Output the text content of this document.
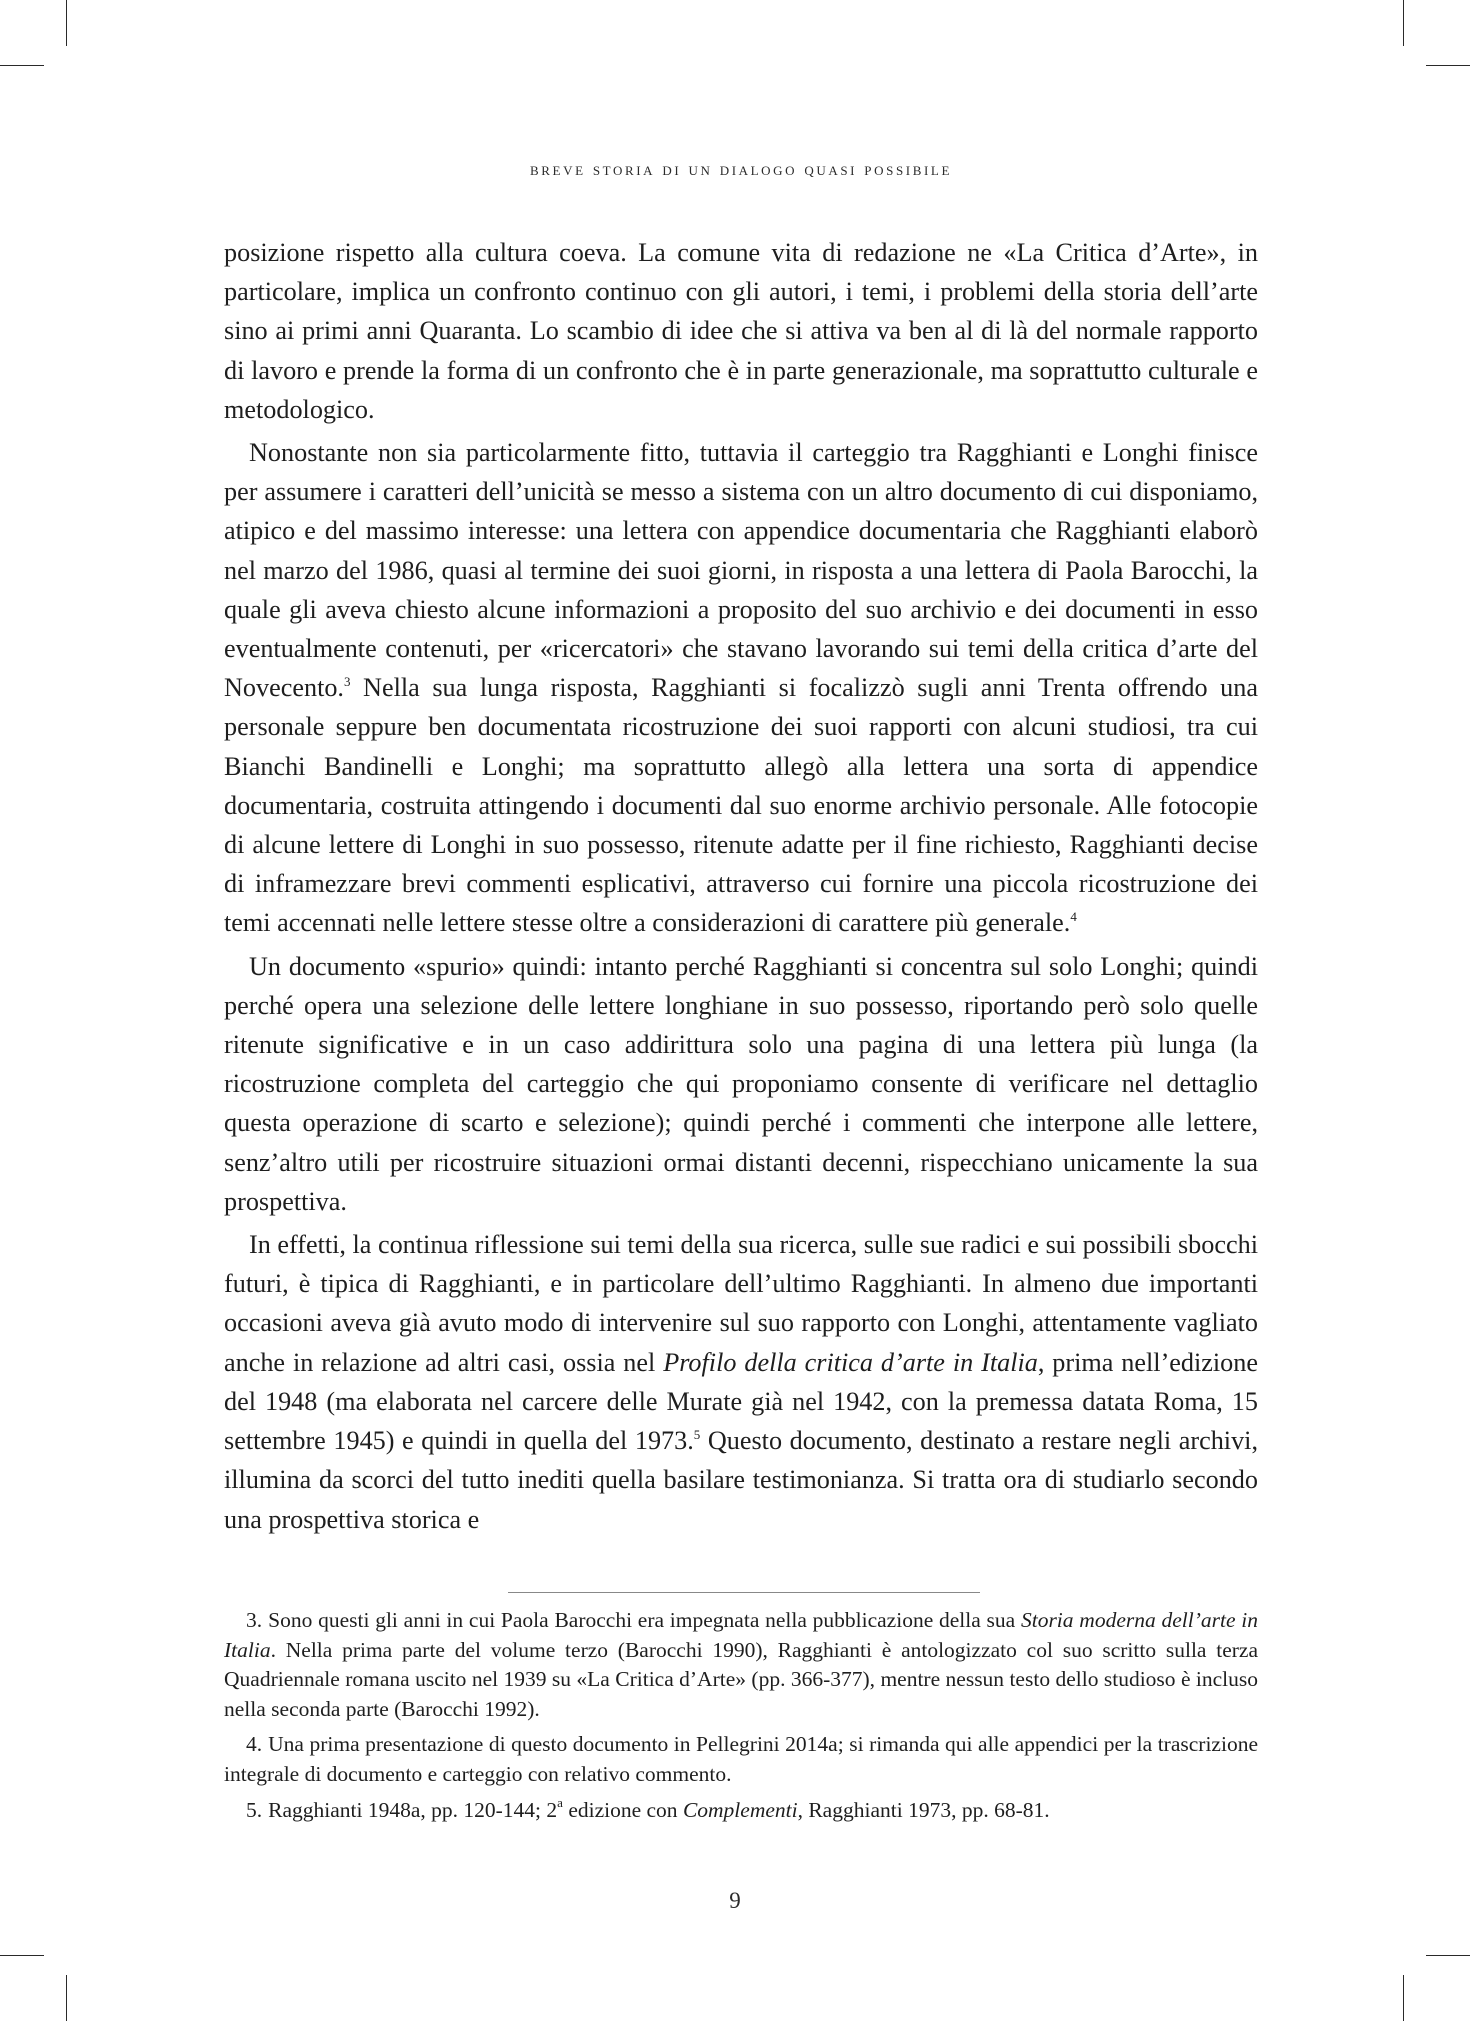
breve storia di un dialogo quasi possibile

posizione rispetto alla cultura coeva. La comune vita di redazione ne «La Critica d’Arte», in particolare, implica un confronto continuo con gli autori, i temi, i problemi della storia dell’arte sino ai primi anni Quaranta. Lo scambio di idee che si attiva va ben al di là del normale rapporto di lavoro e prende la forma di un confronto che è in parte generazionale, ma soprattutto culturale e metodologico.

Nonostante non sia particolarmente fitto, tuttavia il carteggio tra Ragghianti e Longhi finisce per assumere i caratteri dell’unicità se messo a sistema con un altro documento di cui disponiamo, atipico e del massimo interesse: una lettera con appendice documentaria che Ragghianti elaborò nel marzo del 1986, quasi al termine dei suoi giorni, in risposta a una lettera di Paola Barocchi, la quale gli aveva chiesto alcune informazioni a proposito del suo archivio e dei documenti in esso eventualmente contenuti, per «ricercatori» che stavano lavorando sui temi della critica d’arte del Novecento.$^3$ Nella sua lunga risposta, Ragghianti si focalizzò sugli anni Trenta offrendo una personale seppure ben documentata ricostruzione dei suoi rapporti con alcuni studiosi, tra cui Bianchi Bandinelli e Longhi; ma soprattutto allegò alla lettera una sorta di appendice documentaria, costruita attingendo i documenti dal suo enorme archivio personale. Alle fotocopie di alcune lettere di Longhi in suo possesso, ritenute adatte per il fine richiesto, Ragghianti decise di inframezzare brevi commenti esplicativi, attraverso cui fornire una piccola ricostruzione dei temi accennati nelle lettere stesse oltre a considerazioni di carattere più generale.$^4$

Un documento «spurio» quindi: intanto perché Ragghianti si concentra sul solo Longhi; quindi perché opera una selezione delle lettere longhiane in suo possesso, riportando però solo quelle ritenute significative e in un caso addirittura solo una pagina di una lettera più lunga (la ricostruzione completa del carteggio che qui proponiamo consente di verificare nel dettaglio questa operazione di scarto e selezione); quindi perché i commenti che interpone alle lettere, senz’altro utili per ricostruire situazioni ormai distanti decenni, rispecchiano unicamente la sua prospettiva.

In effetti, la continua riflessione sui temi della sua ricerca, sulle sue radici e sui possibili sbocchi futuri, è tipica di Ragghianti, e in particolare dell’ultimo Ragghianti. In almeno due importanti occasioni aveva già avuto modo di intervenire sul suo rapporto con Longhi, attentamente vagliato anche in relazione ad altri casi, ossia nel Profilo della critica d’arte in Italia, prima nell’edizione del 1948 (ma elaborata nel carcere delle Murate già nel 1942, con la premessa datata Roma, 15 settembre 1945) e quindi in quella del 1973.$^5$ Questo documento, destinato a restare negli archivi, illumina da scorci del tutto inediti quella basilare testimonianza. Si tratta ora di studiarlo secondo una prospettiva storica e

3. Sono questi gli anni in cui Paola Barocchi era impegnata nella pubblicazione della sua Storia moderna dell’arte in Italia. Nella prima parte del volume terzo (Barocchi 1990), Ragghianti è antologizzato col suo scritto sulla terza Quadriennale romana uscito nel 1939 su «La Critica d’Arte» (pp. 366-377), mentre nessun testo dello studioso è incluso nella seconda parte (Barocchi 1992).

4. Una prima presentazione di questo documento in Pellegrini 2014a; si rimanda qui alle appendici per la trascrizione integrale di documento e carteggio con relativo commento.

5. Ragghianti 1948a, pp. 120-144; 2$^a$ edizione con Complementi, Ragghianti 1973, pp. 68-81.

9
